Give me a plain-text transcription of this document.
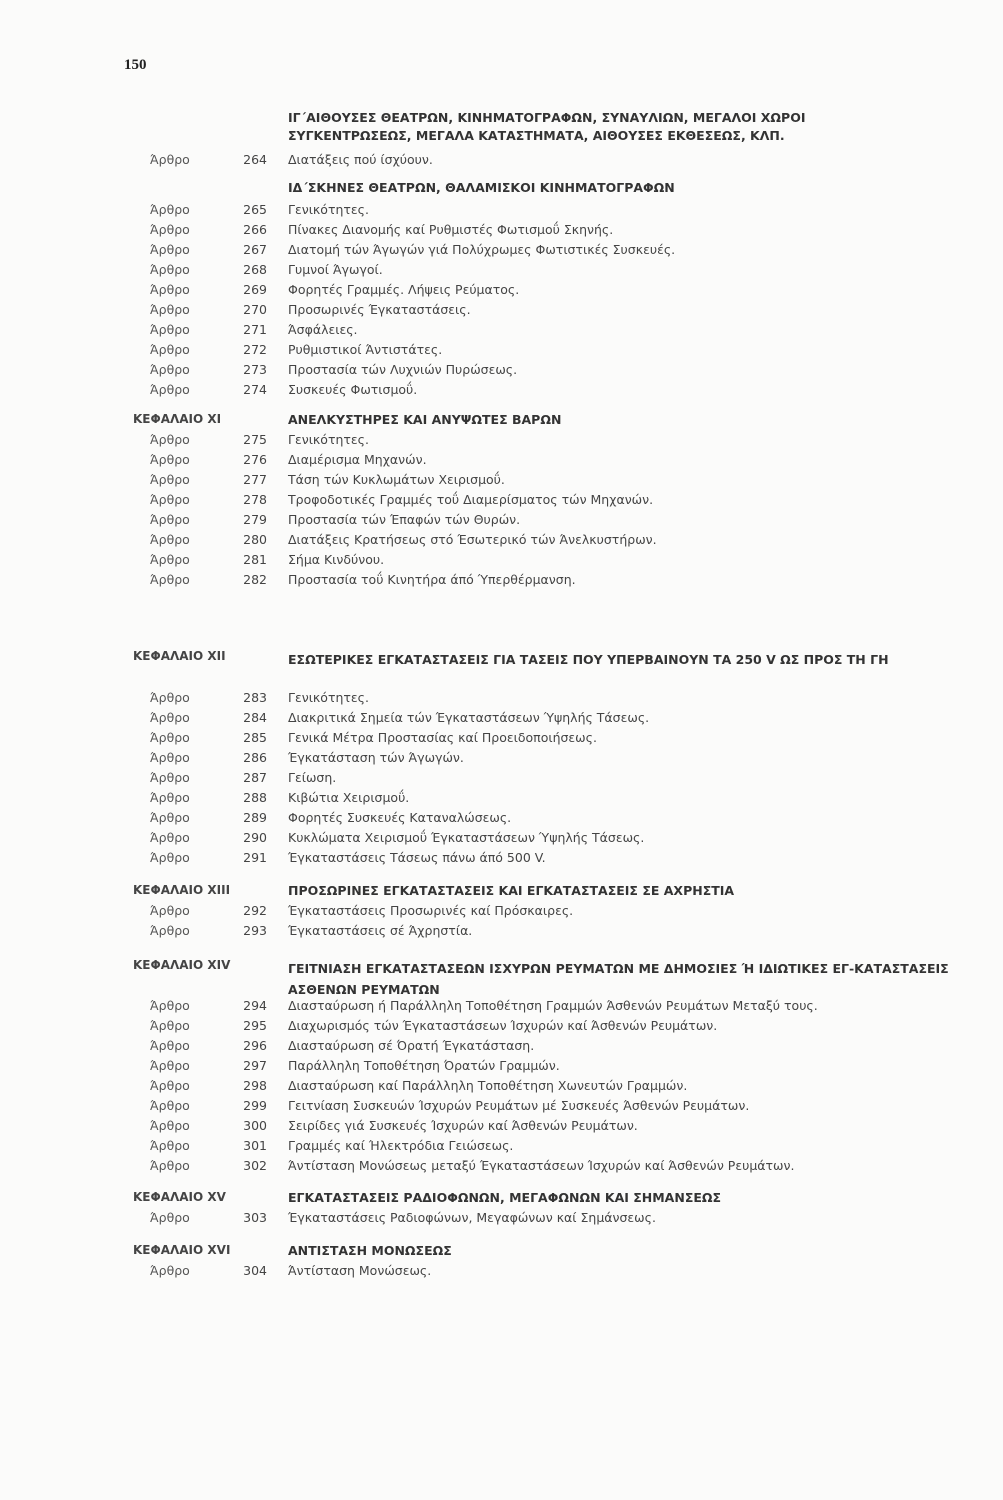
150
ΙΓ΄ΑΙΘΟΥΣΕΣ ΘΕΑΤΡΩΝ, ΚΙΝΗΜΑΤΟΓΡΑΦΩΝ, ΣΥΝΑΥΛΙΩΝ, ΜΕΓΑΛΟΙ ΧΩΡΟΙ
ΣΥΓΚΕΝΤΡΩΣΕΩΣ, ΜΕΓΑΛΑ ΚΑΤΑΣΤΗΜΑΤΑ, ΑΙΘΟΥΣΕΣ ΕΚΘΕΣΕΩΣ, ΚΛΠ.
Άρθρο	264 Διατάξεις πού ίσχύουν.
ΙΔ΄ΣΚΗΝΕΣ ΘΕΑΤΡΩΝ, ΘΑΛΑΜΙΣΚΟΙ ΚΙΝΗΜΑΤΟΓΡΑΦΩΝ
Άρθρο	265 Γενικότητες.
Άρθρο	266 Πίνακες Διανομής καί Ρυθμιστές Φωτισμοΰ Σκηνής.
Άρθρο	267 Διατομή τών Άγωγών γιά Πολύχρωμες Φωτιστικές Συσκευές.
Άρθρο	268 Γυμνοί Άγωγοί.
Άρθρο	269 Φορητές Γραμμές. Λήψεις Ρεύματος.
Άρθρο	270 Προσωρινές Έγκαταστάσεις.
Άρθρο	271 Άσφάλειες.
Άρθρο	272 Ρυθμιστικοί Άντιστάτες.
Άρθρο	273 Προστασία τών Λυχνιών Πυρώσεως.
Άρθρο	274 Συσκευές Φωτισμοΰ.
ΚΕΦΑΛΑΙΟ ΧΙ	ΑΝΕΛΚΥΣΤΗΡΕΣ ΚΑΙ ΑΝΥΨΩΤΕΣ ΒΑΡΩΝ
Άρθρο	275 Γενικότητες.
Άρθρο	276 Διαμέρισμα Μηχανών.
Άρθρο	277 Τάση τών Κυκλωμάτων Χειρισμοΰ.
Άρθρο	278 Τροφοδοτικές Γραμμές τοΰ Διαμερίσματος τών Μηχανών.
Άρθρο	279 Προστασία τών Έπαφών τών Θυρών.
Άρθρο	280 Διατάξεις Κρατήσεως στό Έσωτερικό τών Άνελκυστήρων.
Άρθρο	281 Σήμα Κινδύνου.
Άρθρο	282 Προστασία τοΰ Κινητήρα άπό Ύπερθέρμανση.
ΚΕΦΑΛΑΙΟ ΧΙΙ	ΕΣΩΤΕΡΙΚΕΣ ΕΓΚΑΤΑΣΤΑΣΕΙΣ ΓΙΑ ΤΑΣΕΙΣ ΠΟΥ ΥΠΕΡΒΑΙΝΟΥΝ ΤΑ 250 V ΩΣ ΠΡΟΣ ΤΗ ΓΗ
Άρθρο	283 Γενικότητες.
Άρθρο	284 Διακριτικά Σημεία τών Έγκαταστάσεων Ύψηλής Τάσεως.
Άρθρο	285 Γενικά Μέτρα Προστασίας καί Προειδοποιήσεως.
Άρθρο	286 Έγκατάσταση τών Άγωγών.
Άρθρο	287 Γείωση.
Άρθρο	288 Κιβώτια Χειρισμοΰ.
Άρθρο	289 Φορητές Συσκευές Καταναλώσεως.
Άρθρο	290 Κυκλώματα Χειρισμοΰ Έγκαταστάσεων Ύψηλής Τάσεως.
Άρθρο	291 Έγκαταστάσεις Τάσεως πάνω άπό 500 V.
ΚΕΦΑΛΑΙΟ ΧΙΙΙ	ΠΡΟΣΩΡΙΝΕΣ ΕΓΚΑΤΑΣΤΑΣΕΙΣ ΚΑΙ ΕΓΚΑΤΑΣΤΑΣΕΙΣ ΣΕ ΑΧΡΗΣΤΙΑ
Άρθρο	292 Έγκαταστάσεις Προσωρινές καί Πρόσκαιρες.
Άρθρο	293 Έγκαταστάσεις σέ Άχρηστία.
ΚΕΦΑΛΑΙΟ ΧΙV	ΓΕΙΤΝΙΑΣΗ ΕΓΚΑΤΑΣΤΑΣΕΩΝ ΙΣΧΥΡΩΝ ΡΕΥΜΑΤΩΝ ΜΕ ΔΗΜΟΣΙΕΣ Ή ΙΔΙΩΤΙΚΕΣ ΕΓ-ΚΑΤΑΣΤΑΣΕΙΣ ΑΣΘΕΝΩΝ ΡΕΥΜΑΤΩΝ
Άρθρο	294 Διασταύρωση ή Παράλληλη Τοποθέτηση Γραμμών Άσθενών Ρευμάτων Μεταξύ τους.
Άρθρο	295 Διαχωρισμός τών Έγκαταστάσεων Ίσχυρών καί Άσθενών Ρευμάτων.
Άρθρο	296 Διασταύρωση σέ Όρατή Έγκατάσταση.
Άρθρο	297 Παράλληλη Τοποθέτηση Όρατών Γραμμών.
Άρθρο	298 Διασταύρωση καί Παράλληλη Τοποθέτηση Χωνευτών Γραμμών.
Άρθρο	299 Γειτνίαση Συσκευών Ίσχυρών Ρευμάτων μέ Συσκευές Άσθενών Ρευμάτων.
Άρθρο	300 Σειρίδες γιά Συσκευές Ίσχυρών καί Άσθενών Ρευμάτων.
Άρθρο	301 Γραμμές καί Ήλεκτρόδια Γειώσεως.
Άρθρο	302 Άντίσταση Μονώσεως μεταξύ Έγκαταστάσεων Ίσχυρών καί Άσθενών Ρευμάτων.
ΚΕΦΑΛΑΙΟ ΧV	ΕΓΚΑΤΑΣΤΑΣΕΙΣ ΡΑΔΙΟΦΩΝΩΝ, ΜΕΓΑΦΩΝΩΝ ΚΑΙ ΣΗΜΑΝΣΕΩΣ
Άρθρο	303 Έγκαταστάσεις Ραδιοφώνων, Μεγαφώνων καί Σημάνσεως.
ΚΕΦΑΛΑΙΟ ΧVΙ	ΑΝΤΙΣΤΑΣΗ ΜΟΝΩΣΕΩΣ
Άρθρο	304 Άντίσταση Μονώσεως.
